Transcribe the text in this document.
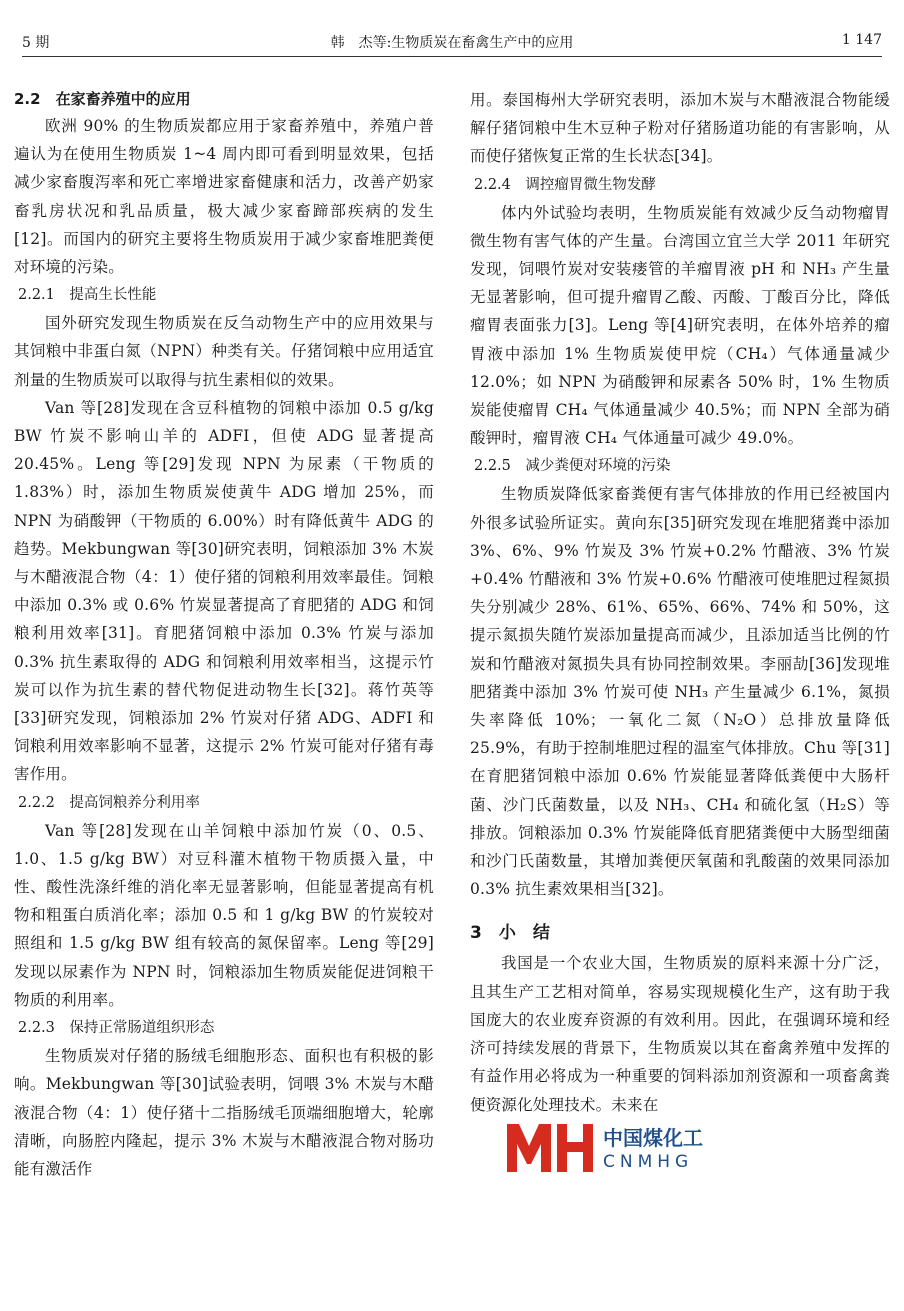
5 期	韩　杰等:生物质炭在畜禽生产中的应用	1 147
2.2　在家畜养殖中的应用

欧洲 90% 的生物质炭都应用于家畜养殖中，养殖户普遍认为在使用生物质炭 1~4 周内即可看到明显效果，包括减少家畜腹泻率和死亡率增进家畜健康和活力，改善产奶家畜乳房状况和乳品质量，极大减少家畜蹄部疾病的发生[12]。而国内的研究主要将生物质炭用于减少家畜堆肥粪便对环境的污染。

2.2.1　提高生长性能

国外研究发现生物质炭在反刍动物生产中的应用效果与其饲粮中非蛋白氮（NPN）种类有关。仔猪饲粮中应用适宜剂量的生物质炭可以取得与抗生素相似的效果。

Van 等[28]发现在含豆科植物的饲粮中添加 0.5 g/kg BW 竹炭不影响山羊的 ADFI，但使 ADG 显著提高 20.45%。Leng 等[29]发现 NPN 为尿素（干物质的 1.83%）时，添加生物质炭使黄牛 ADG 增加 25%，而 NPN 为硝酸钾（干物质的 6.00%）时有降低黄牛 ADG 的趋势。Mekbungwan 等[30]研究表明，饲粮添加 3% 木炭与木醋液混合物（4：1）使仔猪的饲粮利用效率最佳。饲粮中添加 0.3% 或 0.6% 竹炭显著提高了育肥猪的 ADG 和饲粮利用效率[31]。育肥猪饲粮中添加 0.3% 竹炭与添加 0.3% 抗生素取得的 ADG 和饲粮利用效率相当，这提示竹炭可以作为抗生素的替代物促进动物生长[32]。蒋竹英等[33]研究发现，饲粮添加 2% 竹炭对仔猪 ADG、ADFI 和饲粮利用效率影响不显著，这提示 2% 竹炭可能对仔猪有毒害作用。

2.2.2　提高饲粮养分利用率

Van 等[28]发现在山羊饲粮中添加竹炭（0、0.5、1.0、1.5 g/kg BW）对豆科灌木植物干物质摄入量，中性、酸性洗涤纤维的消化率无显著影响，但能显著提高有机物和粗蛋白质消化率；添加 0.5 和 1 g/kg BW 的竹炭较对照组和 1.5 g/kg BW 组有较高的氮保留率。Leng 等[29]发现以尿素作为 NPN 时，饲粮添加生物质炭能促进饲粮干物质的利用率。

2.2.3　保持正常肠道组织形态

生物质炭对仔猪的肠绒毛细胞形态、面积也有积极的影响。Mekbungwan 等[30]试验表明，饲喂 3% 木炭与木醋液混合物（4：1）使仔猪十二指肠绒毛顶端细胞增大，轮廓清晰，向肠腔内隆起，提示 3% 木炭与木醋液混合物对肠功能有激活作

用。泰国梅州大学研究表明，添加木炭与木醋液混合物能缓解仔猪饲粮中生木豆种子粉对仔猪肠道功能的有害影响，从而使仔猪恢复正常的生长状态[34]。

2.2.4　调控瘤胃微生物发酵

体内外试验均表明，生物质炭能有效减少反刍动物瘤胃微生物有害气体的产生量。台湾国立宜兰大学 2011 年研究发现，饲喂竹炭对安装瘘管的羊瘤胃液 pH 和 NH₃ 产生量无显著影响，但可提升瘤胃乙酸、丙酸、丁酸百分比，降低瘤胃表面张力[3]。Leng 等[4]研究表明，在体外培养的瘤胃液中添加 1% 生物质炭使甲烷（CH₄）气体通量减少 12.0%；如 NPN 为硝酸钾和尿素各 50% 时，1% 生物质炭能使瘤胃 CH₄ 气体通量减少 40.5%；而 NPN 全部为硝酸钾时，瘤胃液 CH₄ 气体通量可减少 49.0%。

2.2.5　减少粪便对环境的污染

生物质炭降低家畜粪便有害气体排放的作用已经被国内外很多试验所证实。黄向东[35]研究发现在堆肥猪粪中添加 3%、6%、9% 竹炭及 3% 竹炭+0.2% 竹醋液、3% 竹炭+0.4% 竹醋液和 3% 竹炭+0.6% 竹醋液可使堆肥过程氮损失分别减少 28%、61%、65%、66%、74% 和 50%，这提示氮损失随竹炭添加量提高而减少，且添加适当比例的竹炭和竹醋液对氮损失具有协同控制效果。李丽劼[36]发现堆肥猪粪中添加 3% 竹炭可使 NH₃ 产生量减少 6.1%，氮损失率降低 10%；一氧化二氮（N₂O）总排放量降低 25.9%，有助于控制堆肥过程的温室气体排放。Chu 等[31]在育肥猪饲粮中添加 0.6% 竹炭能显著降低粪便中大肠杆菌、沙门氏菌数量，以及 NH₃、CH₄ 和硫化氢（H₂S）等排放。饲粮添加 0.3% 竹炭能降低育肥猪粪便中大肠型细菌和沙门氏菌数量，其增加粪便厌氧菌和乳酸菌的效果同添加 0.3% 抗生素效果相当[32]。

3　小　结

我国是一个农业大国，生物质炭的原料来源十分广泛，且其生产工艺相对简单，容易实现规模化生产，这有助于我国庞大的农业废弃资源的有效利用。因此，在强调环境和经济可持续发展的背景下，生物质炭以其在畜禽养殖中发挥的有益作用必将成为一种重要的饲料添加剂资源和一项畜禽粪便资源化处理技术。未来在

中国煤化工
CNMHG
